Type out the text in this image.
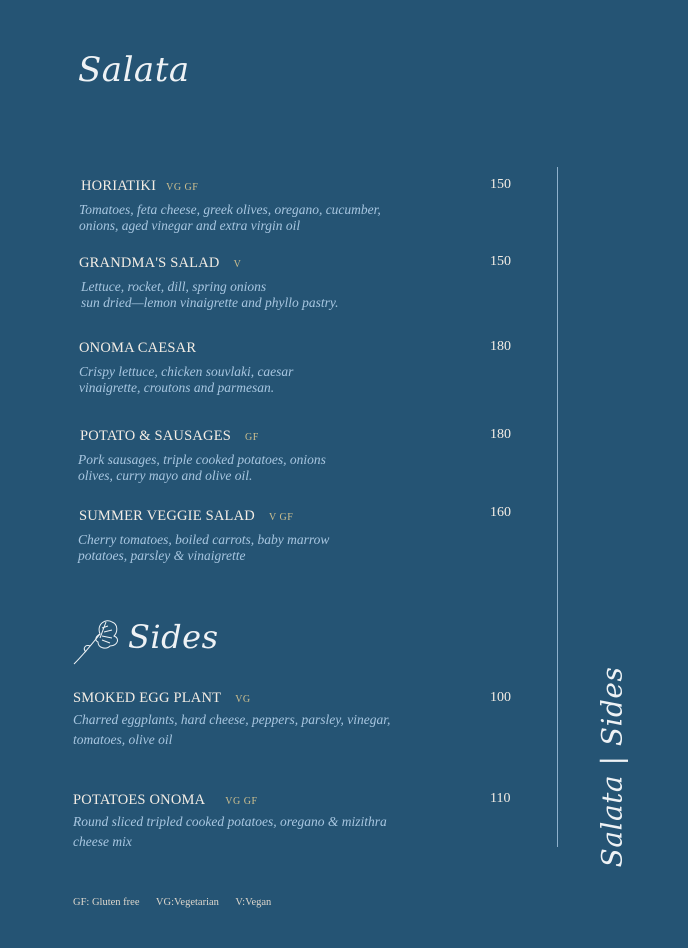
Salata
Sides
HORIATIKI VG GF
Tomatoes, feta cheese, greek olives, oregano, cucumber,
onions, aged vinegar and extra virgin oil
150
GRANDMA'S SALAD V
Lettuce, rocket, dill, spring onions
sun dried—lemon vinaigrette and phyllo pastry.
150
ONOMA CAESAR
Crispy lettuce, chicken souvlaki, caesar
vinaigrette, croutons and parmesan.
180
POTATO & SAUSAGES GF
Pork sausages, triple cooked potatoes, onions
olives, curry mayo and olive oil.
180
SUMMER VEGGIE SALAD V GF
Cherry tomatoes, boiled carrots, baby marrow
potatoes, parsley & vinaigrette
160
SMOKED EGG PLANT VG
Charred eggplants, hard cheese, peppers, parsley, vinegar,
tomatoes, olive oil
100
POTATOES ONOMA VG GF
Round sliced tripled cooked potatoes, oregano & mizithra
cheese mix
110	Salata | Sides
GF: Gluten free VG:Vegetarian V:Vegan
